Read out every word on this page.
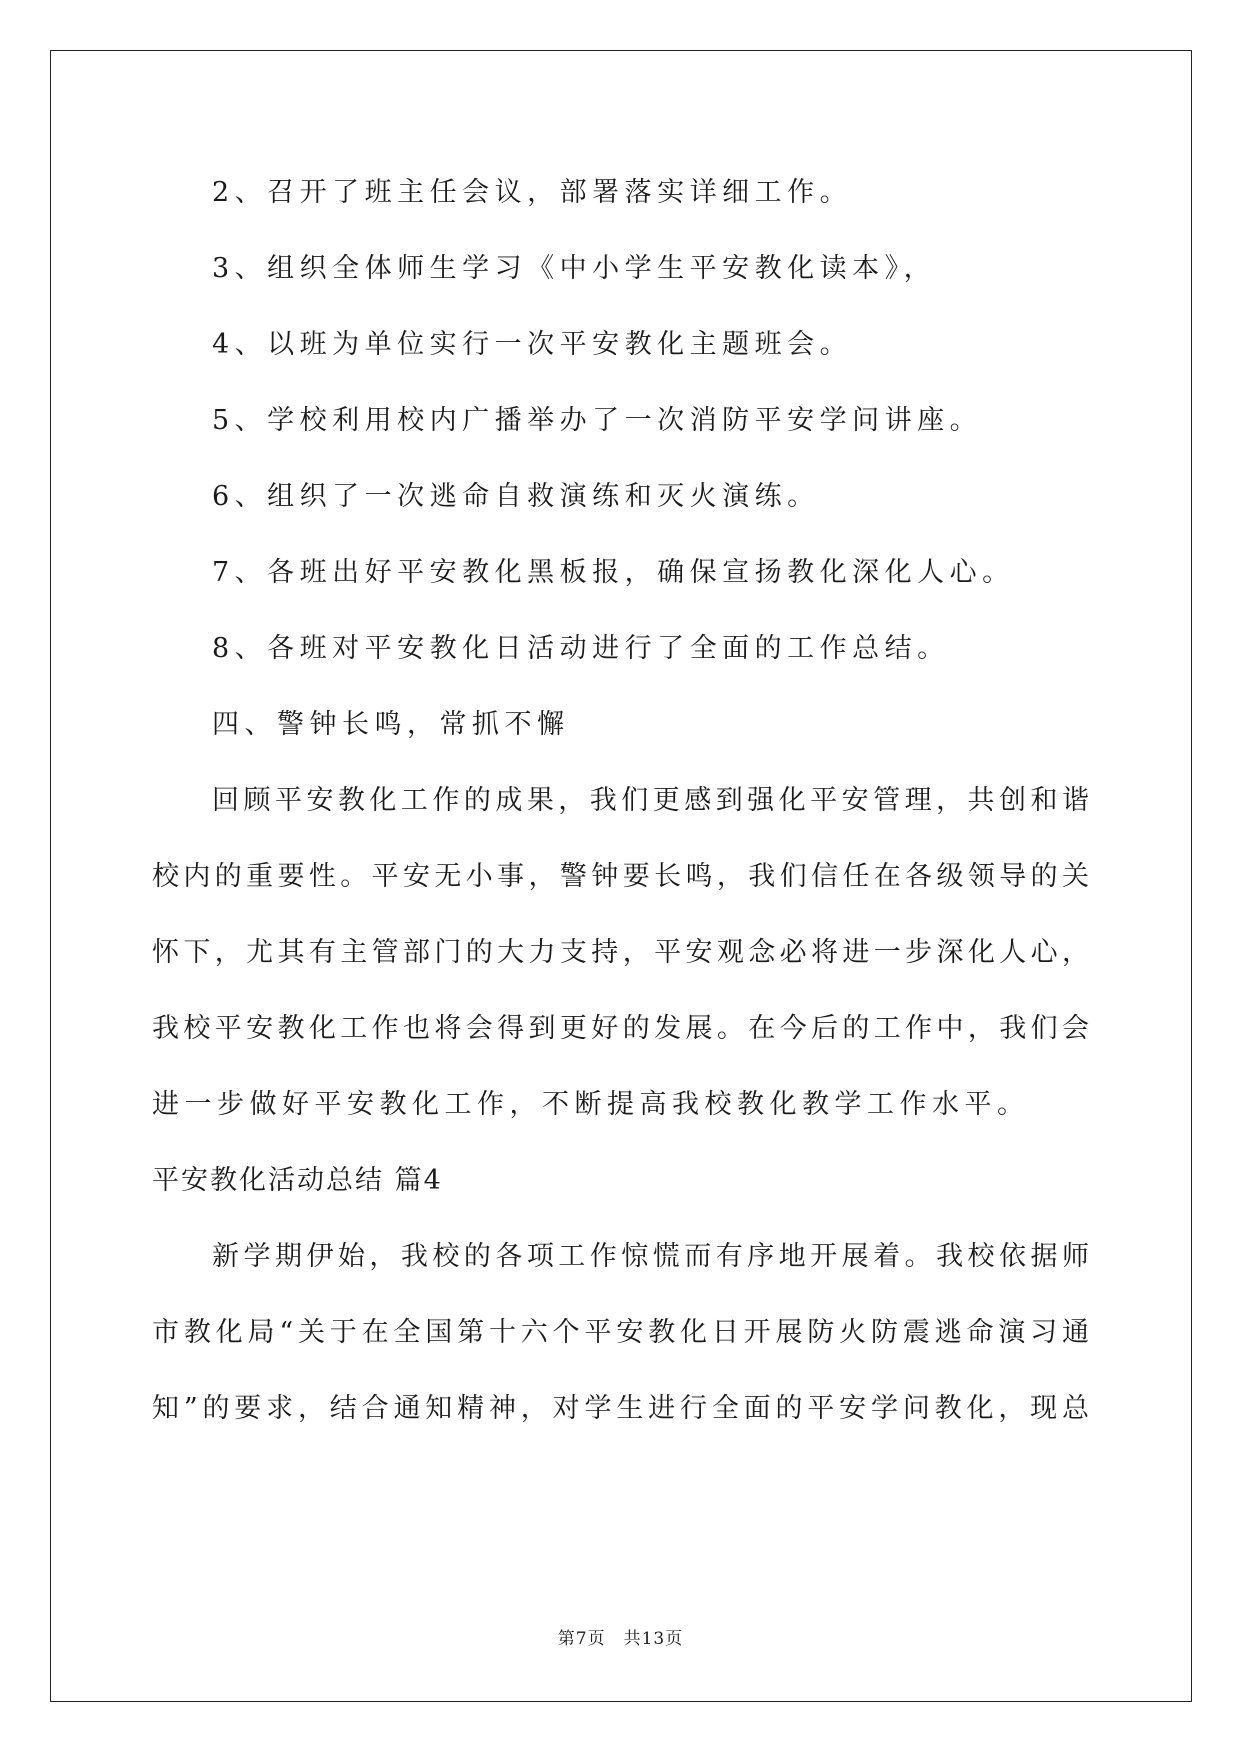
2、召开了班主任会议，部署落实详细工作。
3、组织全体师生学习《中小学生平安教化读本》，
4、以班为单位实行一次平安教化主题班会。
5、学校利用校内广播举办了一次消防平安学问讲座。
6、组织了一次逃命自救演练和灭火演练。
7、各班出好平安教化黑板报，确保宣扬教化深化人心。
8、各班对平安教化日活动进行了全面的工作总结。
四、警钟长鸣，常抓不懈
回顾平安教化工作的成果，我们更感到强化平安管理，共创和谐
校内的重要性。平安无小事，警钟要长鸣，我们信任在各级领导的关
怀下，尤其有主管部门的大力支持，平安观念必将进一步深化人心，
我校平安教化工作也将会得到更好的发展。在今后的工作中，我们会
进一步做好平安教化工作，不断提高我校教化教学工作水平。
平安教化活动总结 篇4
新学期伊始，我校的各项工作惊慌而有序地开展着。我校依据师
市教化局“关于在全国第十六个平安教化日开展防火防震逃命演习通
知”的要求，结合通知精神，对学生进行全面的平安学问教化，现总
第7页　共13页
